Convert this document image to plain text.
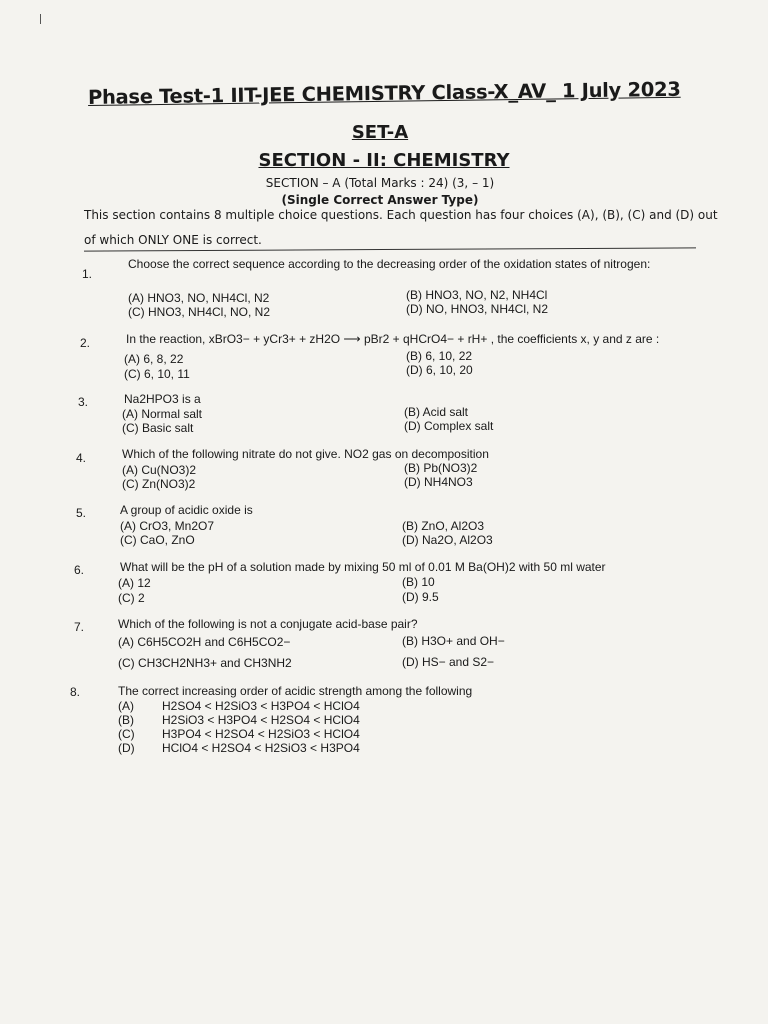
Phase Test-1 IIT-JEE CHEMISTRY Class-X_AV_ 1 July 2023
SET-A
SECTION - II: CHEMISTRY
SECTION – A (Total Marks : 24) (3, – 1)
(Single Correct Answer Type)
This section contains 8 multiple choice questions. Each question has four choices (A), (B), (C) and (D) out
of which ONLY ONE is correct.
1.
Choose the correct sequence according to the decreasing order of the oxidation states of nitrogen:
(A) HNO3, NO, NH4Cl, N2	(B) HNO3, NO, N2, NH4Cl
(C) HNO3, NH4Cl, NO, N2	(D) NO, HNO3, NH4Cl, N2
2.	In the reaction, xBrO3− + yCr3+ + zH2O ⟶ pBr2 + qHCrO4− + rH+ , the coefficients x, y and z are :
(A) 6, 8, 22	(B) 6, 10, 22
(C) 6, 10, 11	(D) 6, 10, 20
3.	Na2HPO3 is a
(A) Normal salt	(B) Acid salt
(C) Basic salt	(D) Complex salt
4.	Which of the following nitrate do not give. NO2 gas on decomposition
(A) Cu(NO3)2	(B) Pb(NO3)2
(C) Zn(NO3)2	(D) NH4NO3
5.	A group of acidic oxide is
(A) CrO3, Mn2O7	(B) ZnO, Al2O3
(C) CaO, ZnO	(D) Na2O, Al2O3
6.	What will be the pH of a solution made by mixing 50 ml of 0.01 M Ba(OH)2 with 50 ml water
(A) 12	(B) 10
(C) 2	(D) 9.5
7.	Which of the following is not a conjugate acid-base pair?
(A) C6H5CO2H and C6H5CO2−	(B) H3O+ and OH−
(C) CH3CH2NH3+ and CH3NH2	(D) HS− and S2−
8.	The correct increasing order of acidic strength among the following
(A) H2SO4 < H2SiO3 < H3PO4 < HClO4
(B) H2SiO3 < H3PO4 < H2SO4 < HClO4
(C) H3PO4 < H2SO4 < H2SiO3 < HClO4
(D) HClO4 < H2SO4 < H2SiO3 < H3PO4
